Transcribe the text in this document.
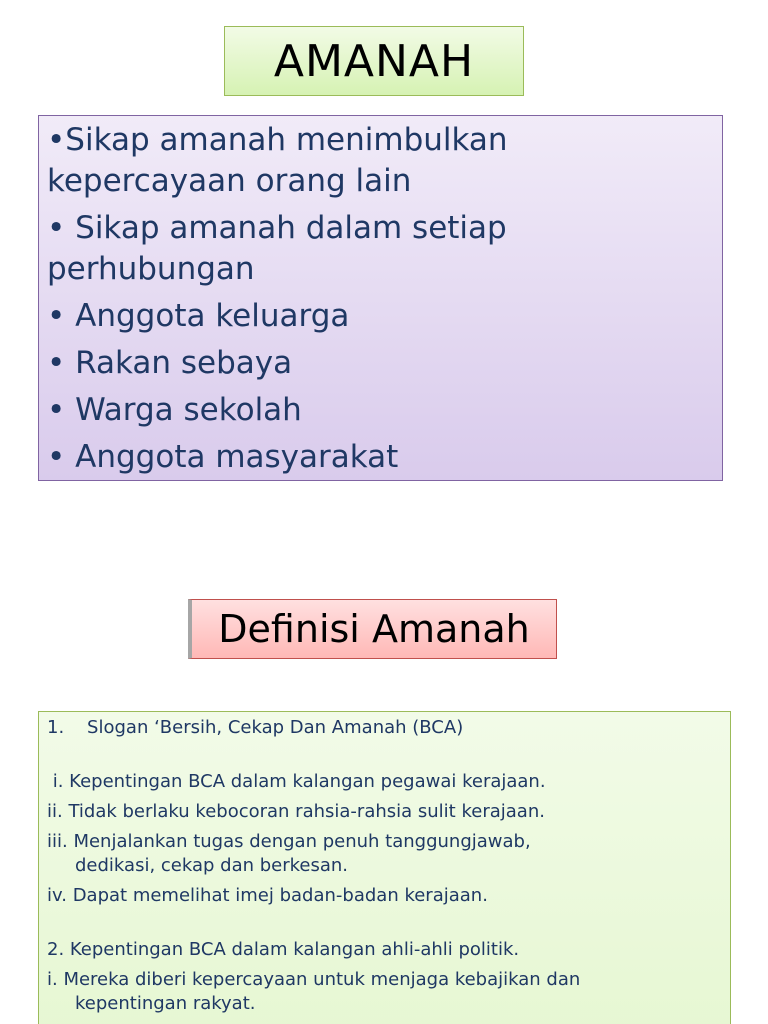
AMANAH
•Sikap amanah menimbulkan
kepercayaan orang lain
• Sikap amanah dalam setiap
perhubungan
• Anggota keluarga
• Rakan sebaya
• Warga sekolah
• Anggota masyarakat
Definisi Amanah
1.    Slogan ‘Bersih, Cekap Dan Amanah (BCA)
i. Kepentingan BCA dalam kalangan pegawai kerajaan.
ii. Tidak berlaku kebocoran rahsia-rahsia sulit kerajaan.
iii. Menjalankan tugas dengan penuh tanggungjawab,
dedikasi, cekap dan berkesan.
iv. Dapat memelihat imej badan-badan kerajaan.
2. Kepentingan BCA dalam kalangan ahli-ahli politik.
i. Mereka diberi kepercayaan untuk menjaga kebajikan dan
kepentingan rakyat.
